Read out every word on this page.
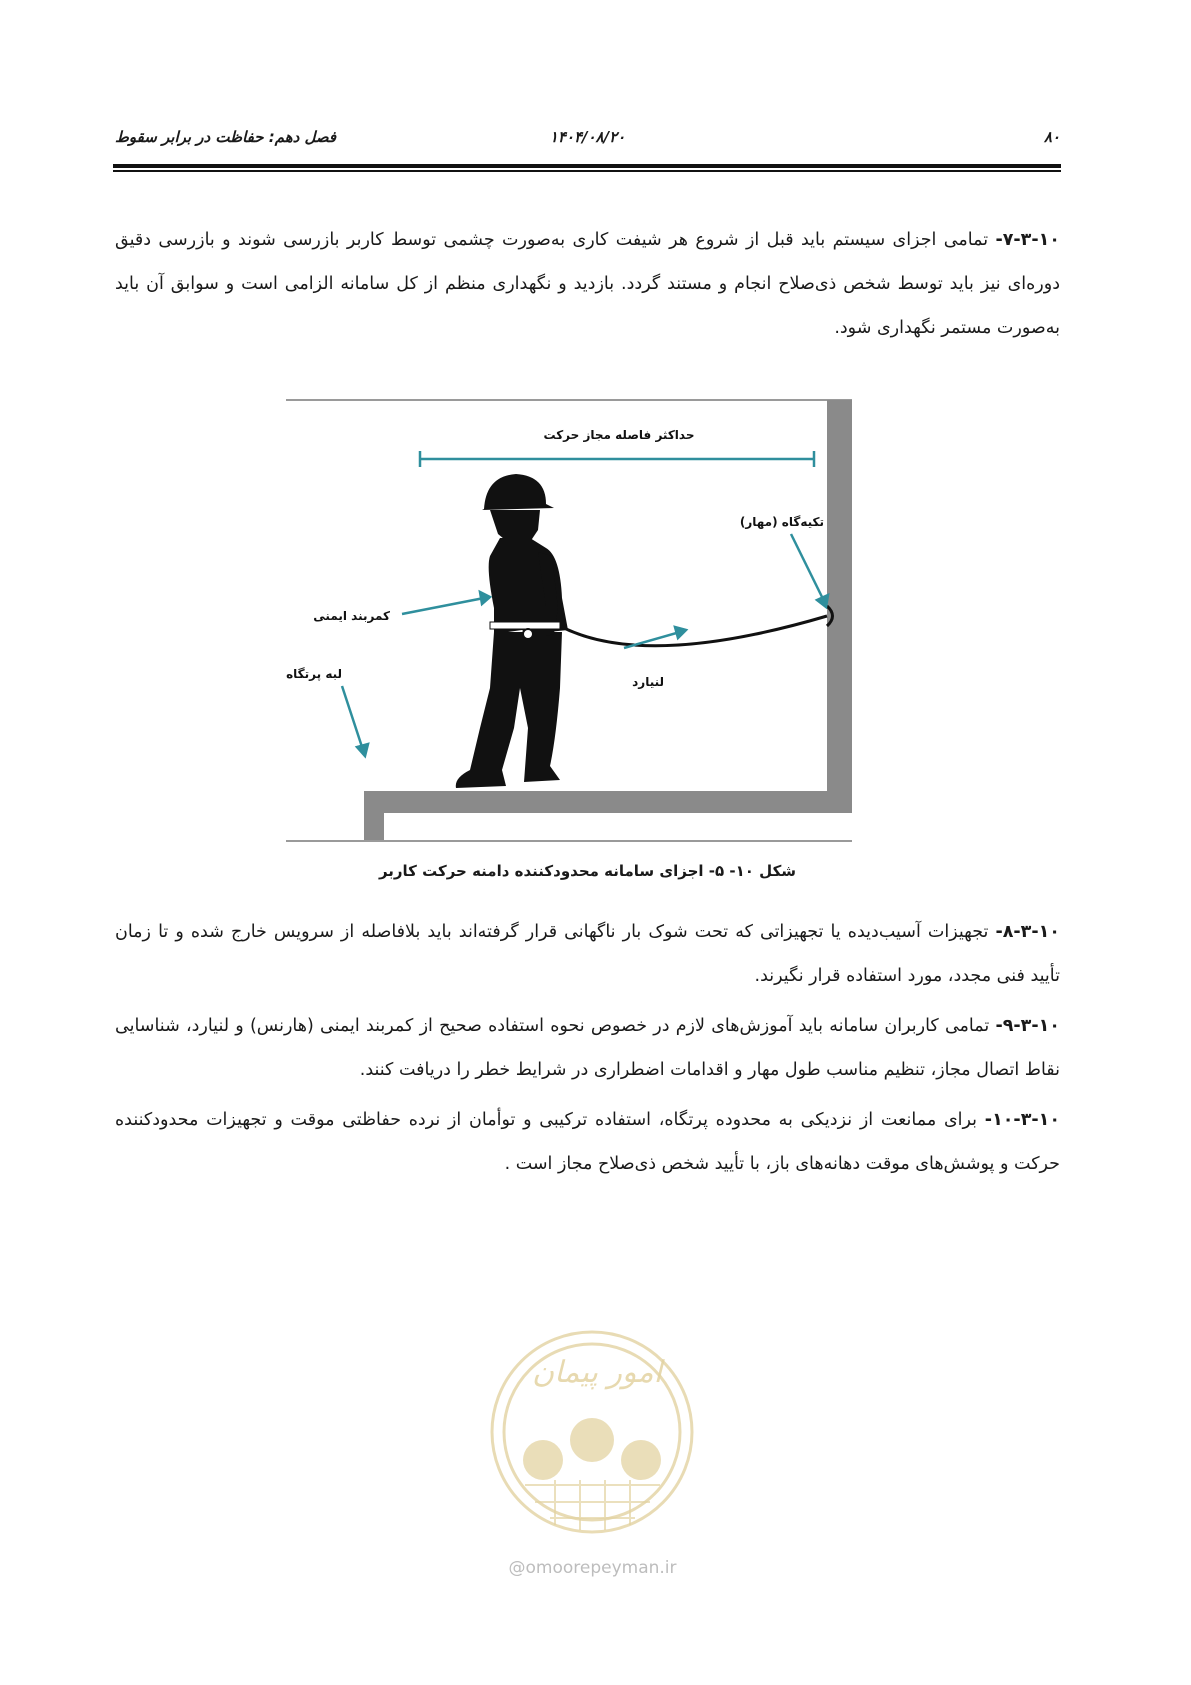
۸۰
۱۴۰۴/۰۸/۲۰
فصل دهم: حفاظت در برابر سقوط
۷-۳-۱۰- تمامی اجزای سیستم باید قبل از شروع هر شیفت کاری به‌صورت چشمی توسط کاربر بازرسی شوند و بازرسی دقیق دوره‌ای نیز باید توسط شخص ذی‌صلاح انجام و مستند گردد. بازدید و نگهداری منظم از کل سامانه الزامی است و سوابق آن باید به‌صورت مستمر نگهداری شود.
حداکثر فاصله مجاز حرکت
تکیه‌گاه (مهار)
کمربند ایمنی
لنیارد
لبه پرتگاه
شکل ۱۰- ۵- اجزای سامانه محدودکننده دامنه حرکت کاربر
۸-۳-۱۰- تجهیزات آسیب‌دیده یا تجهیزاتی که تحت شوک بار ناگهانی قرار گرفته‌اند باید بلافاصله از سرویس خارج شده و تا زمان تأیید فنی مجدد، مورد استفاده قرار نگیرند.
۹-۳-۱۰- تمامی کاربران سامانه باید آموزش‌های لازم در خصوص نحوه استفاده صحیح از کمربند ایمنی (هارنس) و لنیارد، شناسایی نقاط اتصال مجاز، تنظیم مناسب طول مهار و اقدامات اضطراری در شرایط خطر را دریافت کنند.
۱۰-۳-۱۰- برای ممانعت از نزدیکی به محدوده پرتگاه، استفاده ترکیبی و توأمان از نرده حفاظتی موقت و تجهیزات محدودکننده حرکت و پوشش‌های موقت دهانه‌های باز، با تأیید شخص ذی‌صلاح مجاز است .
امور پیمان
@omoorepeyman.ir
